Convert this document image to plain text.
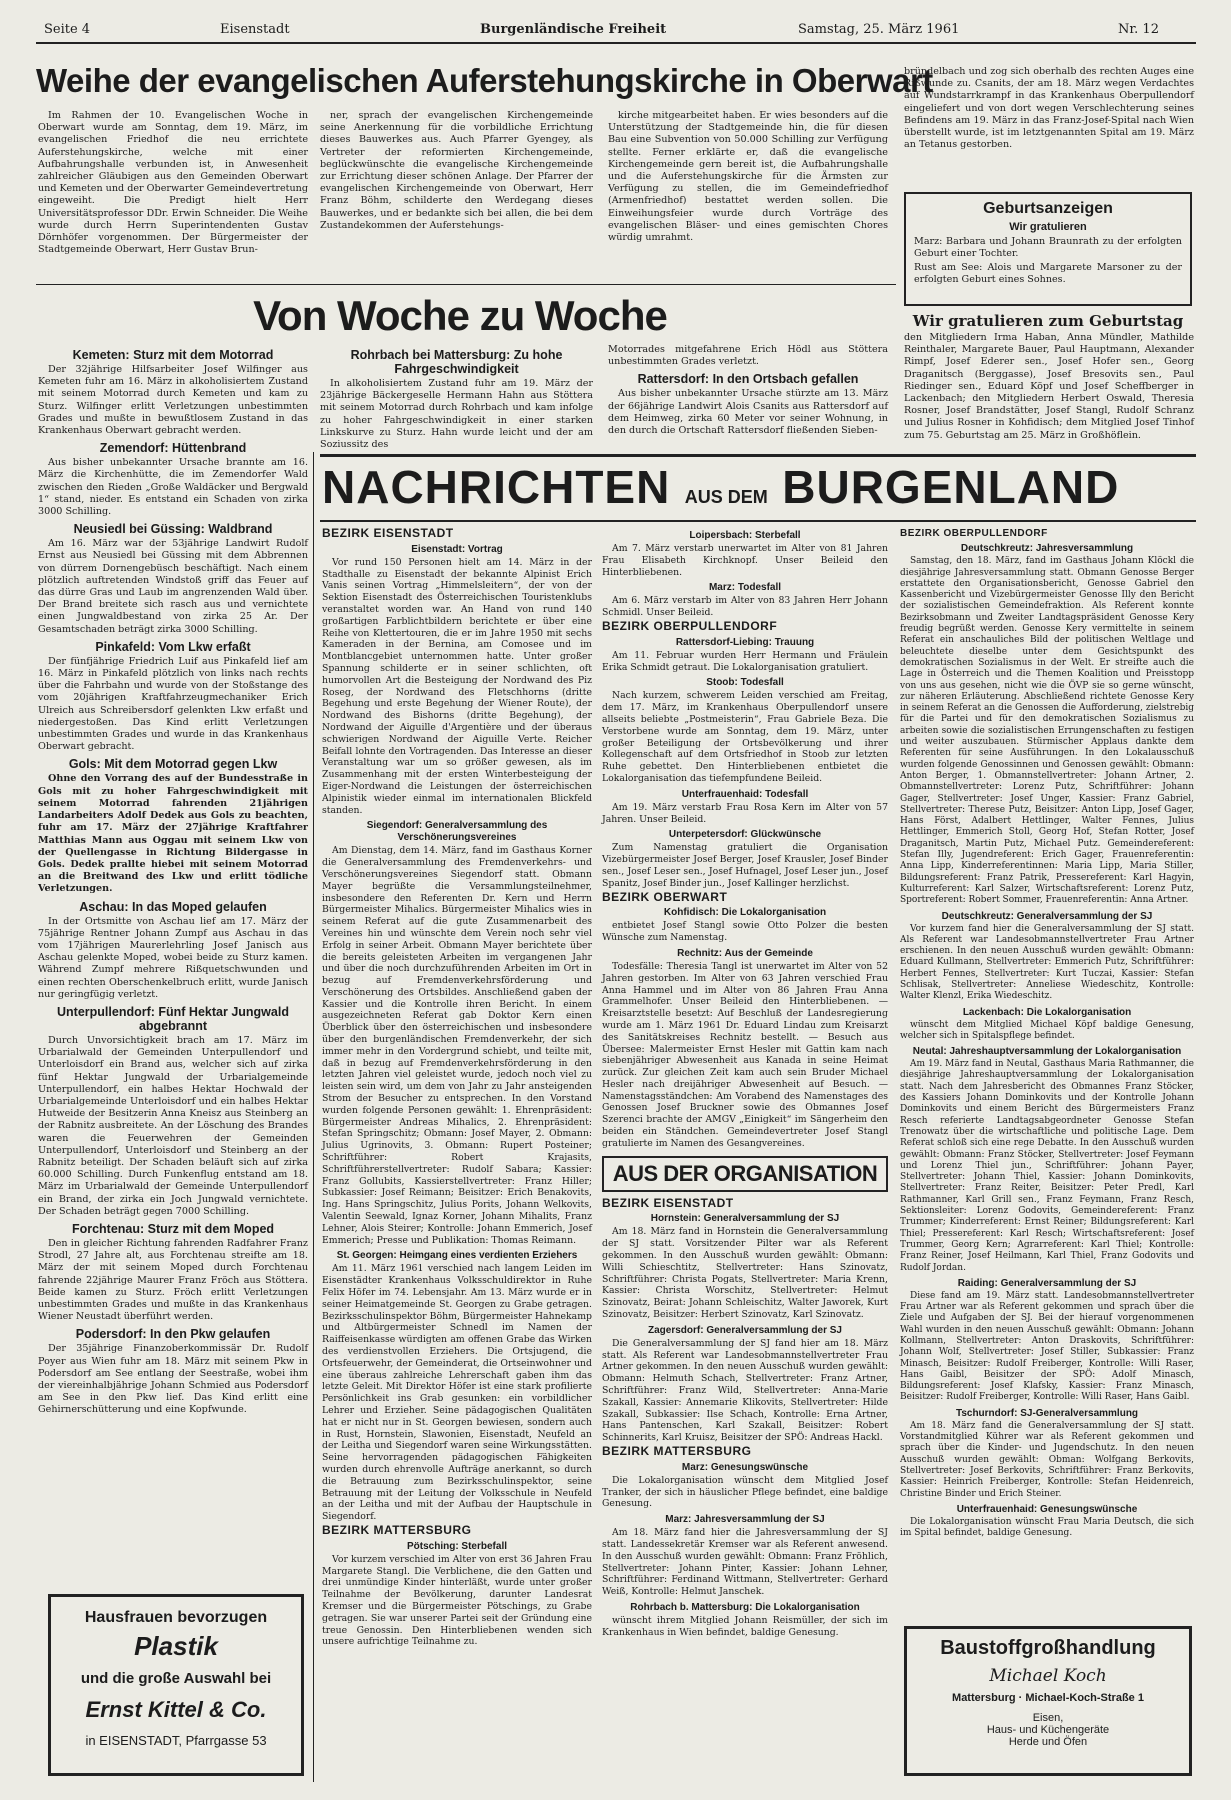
Seite 4	Eisenstadt	Burgenländische Freiheit	Samstag, 25. März 1961	Nr. 12
Weihe der evangelischen Auferstehungskirche in Oberwart

Im Rahmen der 10. Evangelischen Woche in Oberwart wurde am Sonntag, dem 19. März, im evangelischen Friedhof die neu errichtete Auferstehungskirche, welche mit einer Aufbahrungshalle verbunden ist, in Anwesenheit zahlreicher Gläubigen aus den Gemeinden Oberwart und Kemeten und der Oberwarter Gemeindevertretung eingeweiht. Die Predigt hielt Herr Universitätsprofessor DDr. Erwin Schneider. Die Weihe wurde durch Herrn Superintendenten Gustav Dörnhöfer vorgenommen. Der Bürgermeister der Stadtgemeinde Oberwart, Herr Gustav Brun-

ner, sprach der evangelischen Kirchengemeinde seine Anerkennung für die vorbildliche Errichtung dieses Bauwerkes aus. Auch Pfarrer Gyengey, als Vertreter der reformierten Kirchengemeinde, beglückwünschte die evangelische Kirchengemeinde zur Errichtung dieser schönen Anlage. Der Pfarrer der evangelischen Kirchengemeinde von Oberwart, Herr Franz Böhm, schilderte den Werdegang dieses Bauwerkes, und er bedankte sich bei allen, die bei dem Zustandekommen der Auferstehungs-

kirche mitgearbeitet haben. Er wies besonders auf die Unterstützung der Stadtgemeinde hin, die für diesen Bau eine Subvention von 50.000 Schilling zur Verfügung stellte. Ferner erklärte er, daß die evangelische Kirchengemeinde gern bereit ist, die Aufbahrungshalle und die Auferstehungskirche für die Ärmsten zur Verfügung zu stellen, die im Gemeindefriedhof (Armenfriedhof) bestattet werden sollen. Die Einweihungsfeier wurde durch Vorträge des evangelischen Bläser- und eines gemischten Chores würdig umrahmt.

bründelbach und zog sich oberhalb des rechten Auges eine Rißwunde zu. Csanits, der am 18. März wegen Verdachtes auf Wundstarrkrampf in das Krankenhaus Oberpullendorf eingeliefert und von dort wegen Verschlechterung seines Befindens am 19. März in das Franz-Josef-Spital nach Wien überstellt wurde, ist im letztgenannten Spital am 19. März an Tetanus gestorben.

Geburtsanzeigen
Wir gratulieren
Marz: Barbara und Johann Braunrath zu der erfolgten Geburt einer Tochter.
Rust am See: Alois und Margarete Marsoner zu der erfolgten Geburt eines Sohnes.
Wir gratulieren zum Geburtstag

den Mitgliedern Irma Haban, Anna Mündler, Mathilde Reinthaler, Margarete Bauer, Paul Hauptmann, Alexander Rimpf, Josef Ederer sen., Josef Hofer sen., Georg Draganitsch (Berggasse), Josef Bresovits sen., Paul Riedinger sen., Eduard Köpf und Josef Scheffberger in Lackenbach; den Mitgliedern Herbert Oswald, Theresia Rosner, Josef Brandstätter, Josef Stangl, Rudolf Schranz und Julius Rosner in Kohfidisch; dem Mitglied Josef Tinhof zum 75. Geburtstag am 25. März in Großhöflein.

Von Woche zu Woche
Kemeten: Sturz mit dem Motorrad

Der 32jährige Hilfsarbeiter Josef Wilfinger aus Kemeten fuhr am 16. März in alkoholisiertem Zustand mit seinem Motorrad durch Kemeten und kam zu Sturz. Wilfinger erlitt Verletzungen unbestimmten Grades und mußte in bewußtlosem Zustand in das Krankenhaus Oberwart gebracht werden.

Zemendorf: Hüttenbrand

Aus bisher unbekannter Ursache brannte am 16. März die Kirchenhütte, die im Zemendorfer Wald zwischen den Rieden „Große Waldäcker und Bergwald 1“ stand, nieder. Es entstand ein Schaden von zirka 3000 Schilling.

Neusiedl bei Güssing: Waldbrand

Am 16. März war der 53jährige Landwirt Rudolf Ernst aus Neusiedl bei Güssing mit dem Abbrennen von dürrem Dornengebüsch beschäftigt. Nach einem plötzlich auftretenden Windstoß griff das Feuer auf das dürre Gras und Laub im angrenzenden Wald über. Der Brand breitete sich rasch aus und vernichtete einen Jungwaldbestand von zirka 25 Ar. Der Gesamtschaden beträgt zirka 3000 Schilling.

Pinkafeld: Vom Lkw erfaßt

Der fünfjährige Friedrich Luif aus Pinkafeld lief am 16. März in Pinkafeld plötzlich von links nach rechts über die Fahrbahn und wurde von der Stoßstange des vom 20jährigen Kraftfahrzeugmechaniker Erich Ulreich aus Schreibersdorf gelenkten Lkw erfaßt und niedergestoßen. Das Kind erlitt Verletzungen unbestimmten Grades und wurde in das Krankenhaus Oberwart gebracht.

Gols: Mit dem Motorrad gegen Lkw

Ohne den Vorrang des auf der Bundesstraße in Gols mit zu hoher Fahrgeschwindigkeit mit seinem Motorrad fahrenden 21jährigen Landarbeiters Adolf Dedek aus Gols zu beachten, fuhr am 17. März der 27jährige Kraftfahrer Matthias Mann aus Oggau mit seinem Lkw von der Quellengasse in Richtung Bildergasse in Gols. Dedek prallte hiebei mit seinem Motorrad an die Breitwand des Lkw und erlitt tödliche Verletzungen.

Aschau: In das Moped gelaufen

In der Ortsmitte von Aschau lief am 17. März der 75jährige Rentner Johann Zumpf aus Aschau in das vom 17jährigen Maurerlehrling Josef Janisch aus Aschau gelenkte Moped, wobei beide zu Sturz kamen. Während Zumpf mehrere Rißquetschwunden und einen rechten Oberschenkelbruch erlitt, wurde Janisch nur geringfügig verletzt.

Unterpullendorf: Fünf Hektar Jungwald abgebrannt

Durch Unvorsichtigkeit brach am 17. März im Urbarialwald der Gemeinden Unterpullendorf und Unterloisdorf ein Brand aus, welcher sich auf zirka fünf Hektar Jungwald der Urbarialgemeinde Unterpullendorf, ein halbes Hektar Hochwald der Urbarialgemeinde Unterloisdorf und ein halbes Hektar Hutweide der Besitzerin Anna Kneisz aus Steinberg an der Rabnitz ausbreitete. An der Löschung des Brandes waren die Feuerwehren der Gemeinden Unterpullendorf, Unterloisdorf und Steinberg an der Rabnitz beteiligt. Der Schaden beläuft sich auf zirka 60.000 Schilling. Durch Funkenflug entstand am 18. März im Urbarialwald der Gemeinde Unterpullendorf ein Brand, der zirka ein Joch Jungwald vernichtete. Der Schaden beträgt gegen 7000 Schilling.

Forchtenau: Sturz mit dem Moped

Den in gleicher Richtung fahrenden Radfahrer Franz Strodl, 27 Jahre alt, aus Forchtenau streifte am 18. März der mit seinem Moped durch Forchtenau fahrende 22jährige Maurer Franz Fröch aus Stöttera. Beide kamen zu Sturz. Fröch erlitt Verletzungen unbestimmten Grades und mußte in das Krankenhaus Wiener Neustadt überführt werden.

Podersdorf: In den Pkw gelaufen

Der 35jährige Finanzoberkommissär Dr. Rudolf Poyer aus Wien fuhr am 18. März mit seinem Pkw in Podersdorf am See entlang der Seestraße, wobei ihm der viereinhalbjährige Johann Schmied aus Podersdorf am See in den Pkw lief. Das Kind erlitt eine Gehirnerschütterung und eine Kopfwunde.

Rohrbach bei Mattersburg: Zu hohe Fahrgeschwindigkeit

In alkoholisiertem Zustand fuhr am 19. März der 23jährige Bäckergeselle Hermann Hahn aus Stöttera mit seinem Motorrad durch Rohrbach und kam infolge zu hoher Fahrgeschwindigkeit in einer starken Linkskurve zu Sturz. Hahn wurde leicht und der am Soziussitz des

Motorrades mitgefahrene Erich Hödl aus Stöttera unbestimmten Grades verletzt.

Rattersdorf: In den Ortsbach gefallen

Aus bisher unbekannter Ursache stürzte am 13. März der 66jährige Landwirt Alois Csanits aus Rattersdorf auf dem Heimweg, zirka 60 Meter vor seiner Wohnung, in den durch die Ortschaft Rattersdorf fließenden Sieben-

Hausfrauen bevorzugen
Plastik
und die große Auswahl bei
Ernst Kittel & Co.
in EISENSTADT, Pfarrgasse 53
NACHRICHTEN AUS DEM BURGENLAND
BEZIRK EISENSTADT
Eisenstadt: Vortrag

Vor rund 150 Personen hielt am 14. März in der Stadthalle zu Eisenstadt der bekannte Alpinist Erich Vanis seinen Vortrag „Himmelsleitern“, der von der Sektion Eisenstadt des Österreichischen Touristenklubs veranstaltet worden war. An Hand von rund 140 großartigen Farblichtbildern berichtete er über eine Reihe von Klettertouren, die er im Jahre 1950 mit sechs Kameraden in der Bernina, am Comosee und im Montblancgebiet unternommen hatte. Unter großer Spannung schilderte er in seiner schlichten, oft humorvollen Art die Besteigung der Nordwand des Piz Roseg, der Nordwand des Fletschhorns (dritte Begehung und erste Begehung der Wiener Route), der Nordwand des Bishorns (dritte Begehung), der Nordwand der Aiguille d'Argentière und der überaus schwierigen Nordwand der Aiguille Verte. Reicher Beifall lohnte den Vortragenden. Das Interesse an dieser Veranstaltung war um so größer gewesen, als im Zusammenhang mit der ersten Winterbesteigung der Eiger-Nordwand die Leistungen der österreichischen Alpinistik wieder einmal im internationalen Blickfeld standen.

Siegendorf: Generalversammlung des Verschönerungsvereines

Am Dienstag, dem 14. März, fand im Gasthaus Korner die Generalversammlung des Fremdenverkehrs- und Verschönerungsvereines Siegendorf statt. Obmann Mayer begrüßte die Versammlungsteilnehmer, insbesondere den Referenten Dr. Kern und Herrn Bürgermeister Mihalics. Bürgermeister Mihalics wies in seinem Referat auf die gute Zusammenarbeit des Vereines hin und wünschte dem Verein noch sehr viel Erfolg in seiner Arbeit. Obmann Mayer berichtete über die bereits geleisteten Arbeiten im vergangenen Jahr und über die noch durchzuführenden Arbeiten im Ort in bezug auf Fremdenverkehrsförderung und Verschönerung des Ortsbildes. Anschließend gaben der Kassier und die Kontrolle ihren Bericht. In einem ausgezeichneten Referat gab Doktor Kern einen Überblick über den österreichischen und insbesondere über den burgenländischen Fremdenverkehr, der sich immer mehr in den Vordergrund schiebt, und teilte mit, daß in bezug auf Fremdenverkehrsförderung in den letzten Jahren viel geleistet wurde, jedoch noch viel zu leisten sein wird, um dem von Jahr zu Jahr ansteigenden Strom der Besucher zu entsprechen. In den Vorstand wurden folgende Personen gewählt: 1. Ehrenpräsident: Bürgermeister Andreas Mihalics, 2. Ehrenpräsident: Stefan Springschitz; Obmann: Josef Mayer, 2. Obmann: Julius Ugrinovits, 3. Obmann: Rupert Posteiner; Schriftführer: Robert Krajasits, Schriftführerstellvertreter: Rudolf Sabara; Kassier: Franz Gollubits, Kassierstellvertreter: Franz Hiller; Subkassier: Josef Reimann; Beisitzer: Erich Benakovits, Ing. Hans Springschitz, Julius Porits, Johann Welkovits, Valentin Seewald, Ignaz Korner, Johann Mihalits, Franz Lehner, Alois Steirer; Kontrolle: Johann Emmerich, Josef Emmerich; Presse und Publikation: Thomas Reimann.

St. Georgen: Heimgang eines verdienten Erziehers

Am 11. März 1961 verschied nach langem Leiden im Eisenstädter Krankenhaus Volksschuldirektor in Ruhe Felix Höfer im 74. Lebensjahr. Am 13. März wurde er in seiner Heimatgemeinde St. Georgen zu Grabe getragen. Bezirksschulinspektor Böhm, Bürgermeister Hahnekamp und Altbürgermeister Schnedl im Namen der Raiffeisenkasse würdigten am offenen Grabe das Wirken des verdienstvollen Erziehers. Die Ortsjugend, die Ortsfeuerwehr, der Gemeinderat, die Ortseinwohner und eine überaus zahlreiche Lehrerschaft gaben ihm das letzte Geleit. Mit Direktor Höfer ist eine stark profilierte Persönlichkeit ins Grab gesunken: ein vorbildlicher Lehrer und Erzieher. Seine pädagogischen Qualitäten hat er nicht nur in St. Georgen bewiesen, sondern auch in Rust, Hornstein, Slawonien, Eisenstadt, Neufeld an der Leitha und Siegendorf waren seine Wirkungsstätten. Seine hervorragenden pädagogischen Fähigkeiten wurden durch ehrenvolle Aufträge anerkannt, so durch die Betrauung zum Bezirksschulinspektor, seine Betrauung mit der Leitung der Volksschule in Neufeld an der Leitha und mit der Aufbau der Hauptschule in Siegendorf.

BEZIRK MATTERSBURG
Pötsching: Sterbefall

Vor kurzem verschied im Alter von erst 36 Jahren Frau Margarete Stangl. Die Verblichene, die den Gatten und drei unmündige Kinder hinterläßt, wurde unter großer Teilnahme der Bevölkerung, darunter Landesrat Kremser und die Bürgermeister Pötschings, zu Grabe getragen. Sie war unserer Partei seit der Gründung eine treue Genossin. Den Hinterbliebenen wenden sich unsere aufrichtige Teilnahme zu.

Loipersbach: Sterbefall

Am 7. März verstarb unerwartet im Alter von 81 Jahren Frau Elisabeth Kirchknopf. Unser Beileid den Hinterbliebenen.

Marz: Todesfall

Am 6. März verstarb im Alter von 83 Jahren Herr Johann Schmidl. Unser Beileid.

BEZIRK OBERPULLENDORF
Rattersdorf-Liebing: Trauung

Am 11. Februar wurden Herr Hermann und Fräulein Erika Schmidt getraut. Die Lokalorganisation gratuliert.

Stoob: Todesfall

Nach kurzem, schwerem Leiden verschied am Freitag, dem 17. März, im Krankenhaus Oberpullendorf unsere allseits beliebte „Postmeisterin“, Frau Gabriele Beza. Die Verstorbene wurde am Sonntag, dem 19. März, unter großer Beteiligung der Ortsbevölkerung und ihrer Kollegenschaft auf dem Ortsfriedhof in Stoob zur letzten Ruhe gebettet. Den Hinterbliebenen entbietet die Lokalorganisation das tiefempfundene Beileid.

Unterfrauenhaid: Todesfall

Am 19. März verstarb Frau Rosa Kern im Alter von 57 Jahren. Unser Beileid.

Unterpetersdorf: Glückwünsche

Zum Namenstag gratuliert die Organisation Vizebürgermeister Josef Berger, Josef Krausler, Josef Binder sen., Josef Leser sen., Josef Hufnagel, Josef Leser jun., Josef Spanitz, Josef Binder jun., Josef Kallinger herzlichst.

BEZIRK OBERWART
Kohfidisch: Die Lokalorganisation

entbietet Josef Stangl sowie Otto Polzer die besten Wünsche zum Namenstag.

Rechnitz: Aus der Gemeinde

Todesfälle: Theresia Tangl ist unerwartet im Alter von 52 Jahren gestorben. Im Alter von 63 Jahren verschied Frau Anna Hammel und im Alter von 86 Jahren Frau Anna Grammelhofer. Unser Beileid den Hinterbliebenen. — Kreisarztstelle besetzt: Auf Beschluß der Landesregierung wurde am 1. März 1961 Dr. Eduard Lindau zum Kreisarzt des Sanitätskreises Rechnitz bestellt. — Besuch aus Übersee: Malermeister Ernst Hesler mit Gattin kam nach siebenjähriger Abwesenheit aus Kanada in seine Heimat zurück. Zur gleichen Zeit kam auch sein Bruder Michael Hesler nach dreijähriger Abwesenheit auf Besuch. — Namenstagsständchen: Am Vorabend des Namenstages des Genossen Josef Bruckner sowie des Obmannes Josef Szerenci brachte der AMGV „Einigkeit“ im Sängerheim den beiden ein Ständchen. Gemeindevertreter Josef Stangl gratulierte im Namen des Gesangvereines.

AUS DER ORGANISATION
BEZIRK EISENSTADT
Hornstein: Generalversammlung der SJ

Am 18. März fand in Hornstein die Generalversammlung der SJ statt. Vorsitzender Pilter war als Referent gekommen. In den Ausschuß wurden gewählt: Obmann: Willi Schieschtitz, Stellvertreter: Hans Szinovatz, Schriftführer: Christa Pogats, Stellvertreter: Maria Krenn, Kassier: Christa Worschitz, Stellvertreter: Helmut Szinovatz, Beirat: Johann Schleischitz, Walter Jaworek, Kurt Szinovatz, Beisitzer: Herbert Szinovatz, Karl Szinovatz.

Zagersdorf: Generalversammlung der SJ

Die Generalversammlung der SJ fand hier am 18. März statt. Als Referent war Landesobmannstellvertreter Frau Artner gekommen. In den neuen Ausschuß wurden gewählt: Obmann: Helmuth Schach, Stellvertreter: Franz Artner, Schriftführer: Franz Wild, Stellvertreter: Anna-Marie Szakall, Kassier: Annemarie Klikovits, Stellvertreter: Hilde Szakall, Subkassier: Ilse Schach, Kontrolle: Erna Artner, Hans Pantenschen, Karl Szakall, Beisitzer: Robert Schinnerits, Karl Kruisz, Beisitzer der SPÖ: Andreas Hackl.

BEZIRK MATTERSBURG
Marz: Genesungswünsche

Die Lokalorganisation wünscht dem Mitglied Josef Tranker, der sich in häuslicher Pflege befindet, eine baldige Genesung.

Marz: Jahresversammlung der SJ

Am 18. März fand hier die Jahresversammlung der SJ statt. Landessekretär Kremser war als Referent anwesend. In den Ausschuß wurden gewählt: Obmann: Franz Fröhlich, Stellvertreter: Johann Pinter, Kassier: Johann Lehner, Schriftführer: Ferdinand Wittmann, Stellvertreter: Gerhard Weiß, Kontrolle: Helmut Janschek.

Rohrbach b. Mattersburg: Die Lokalorganisation

wünscht ihrem Mitglied Johann Reismüller, der sich im Krankenhaus in Wien befindet, baldige Genesung.

BEZIRK OBERPULLENDORF
Deutschkreutz: Jahresversammlung

Samstag, den 18. März, fand im Gasthaus Johann Klöckl die diesjährige Jahresversammlung statt. Obmann Genosse Berger erstattete den Organisationsbericht, Genosse Gabriel den Kassenbericht und Vizebürgermeister Genosse Illy den Bericht der sozialistischen Gemeindefraktion. Als Referent konnte Bezirksobmann und Zweiter Landtagspräsident Genosse Kery freudig begrüßt werden. Genosse Kery vermittelte in seinem Referat ein anschauliches Bild der politischen Weltlage und beleuchtete dieselbe unter dem Gesichtspunkt des demokratischen Sozialismus in der Welt. Er streifte auch die Lage in Österreich und die Themen Koalition und Preisstopp von uns aus gesehen, nicht wie die ÖVP sie so gerne wünscht, zur näheren Erläuterung. Abschließend richtete Genosse Kery in seinem Referat an die Genossen die Aufforderung, zielstrebig für die Partei und für den demokratischen Sozialismus zu arbeiten sowie die sozialistischen Errungenschaften zu festigen und weiter auszubauen. Stürmischer Applaus dankte dem Referenten für seine Ausführungen. In den Lokalausschuß wurden folgende Genossinnen und Genossen gewählt: Obmann: Anton Berger, 1. Obmannstellvertreter: Johann Artner, 2. Obmannstellvertreter: Lorenz Putz, Schriftführer: Johann Gager, Stellvertreter: Josef Unger, Kassier: Franz Gabriel, Stellvertreter: Therese Putz, Beisitzer: Anton Lipp, Josef Gager, Hans Först, Adalbert Hettlinger, Walter Fennes, Julius Hettlinger, Emmerich Stoll, Georg Hof, Stefan Rotter, Josef Draganitsch, Martin Putz, Michael Putz. Gemeindereferent: Stefan Illy, Jugendreferent: Erich Gager, Frauenreferentin: Anna Lipp, Kinderreferentinnen: Maria Lipp, Maria Stiller, Bildungsreferent: Franz Patrik, Pressereferent: Karl Hagyin, Kulturreferent: Karl Salzer, Wirtschaftsreferent: Lorenz Putz, Sportreferent: Robert Sommer, Frauenreferentin: Anna Artner.

Deutschkreutz: Generalversammlung der SJ

Vor kurzem fand hier die Generalversammlung der SJ statt. Als Referent war Landesobmannstellvertreter Frau Artner erschienen. In den neuen Ausschuß wurden gewählt: Obmann: Eduard Kullmann, Stellvertreter: Emmerich Putz, Schriftführer: Herbert Fennes, Stellvertreter: Kurt Tuczai, Kassier: Stefan Schlisak, Stellvertreter: Anneliese Wiedeschitz, Kontrolle: Walter Klenzl, Erika Wiedeschitz.

Lackenbach: Die Lokalorganisation

wünscht dem Mitglied Michael Köpf baldige Genesung, welcher sich in Spitalspflege befindet.

Neutal: Jahreshauptversammlung der Lokalorganisation

Am 19. März fand in Neutal, Gasthaus Maria Rathmanner, die diesjährige Jahreshauptversammlung der Lokalorganisation statt. Nach dem Jahresbericht des Obmannes Franz Stöcker, des Kassiers Johann Dominkovits und der Kontrolle Johann Dominkovits und einem Bericht des Bürgermeisters Franz Resch referierte Landtagsabgeordneter Genosse Stefan Trenowatz über die wirtschaftliche und politische Lage. Dem Referat schloß sich eine rege Debatte. In den Ausschuß wurden gewählt: Obmann: Franz Stöcker, Stellvertreter: Josef Feymann und Lorenz Thiel jun., Schriftführer: Johann Payer, Stellvertreter: Johann Thiel, Kassier: Johann Dominkovits, Stellvertreter: Franz Reiter, Beisitzer: Peter Predl, Karl Rathmanner, Karl Grill sen., Franz Feymann, Franz Resch, Sektionsleiter: Lorenz Godovits, Gemeindereferent: Franz Trummer; Kinderreferent: Ernst Reiner; Bildungsreferent: Karl Thiel; Pressereferent: Karl Resch; Wirtschaftsreferent: Josef Trummer, Georg Kern; Agrarreferent: Karl Thiel; Kontrolle: Franz Reiner, Josef Heilmann, Karl Thiel, Franz Godovits und Rudolf Jordan.

Raiding: Generalversammlung der SJ

Diese fand am 19. März statt. Landesobmannstellvertreter Frau Artner war als Referent gekommen und sprach über die Ziele und Aufgaben der SJ. Bei der hierauf vorgenommenen Wahl wurden in den neuen Ausschuß gewählt: Obmann: Johann Kollmann, Stellvertreter: Anton Draskovits, Schriftführer: Johann Wolf, Stellvertreter: Josef Stiller, Subkassier: Franz Minasch, Beisitzer: Rudolf Freiberger, Kontrolle: Willi Raser, Hans Gaibl, Beisitzer der SPÖ: Adolf Minasch, Bildungsreferent: Josef Klafsky, Kassier: Franz Minasch, Beisitzer: Rudolf Freiberger, Kontrolle: Willi Raser, Hans Gaibl.

Tschurndorf: SJ-Generalversammlung

Am 18. März fand die Generalversammlung der SJ statt. Vorstandmitglied Kührer war als Referent gekommen und sprach über die Kinder- und Jugendschutz. In den neuen Ausschuß wurden gewählt: Obman: Wolfgang Berkovits, Stellvertreter: Josef Berkovits, Schriftführer: Franz Berkovits, Kassier: Heinrich Freiberger, Kontrolle: Stefan Heidenreich, Christine Binder und Erich Steiner.

Unterfrauenhaid: Genesungswünsche

Die Lokalorganisation wünscht Frau Maria Deutsch, die sich im Spital befindet, baldige Genesung.

Baustoffgroßhandlung
Michael Koch
Mattersburg · Michael-Koch-Straße 1
Eisen,
Haus- und Küchengeräte
Herde und Öfen
